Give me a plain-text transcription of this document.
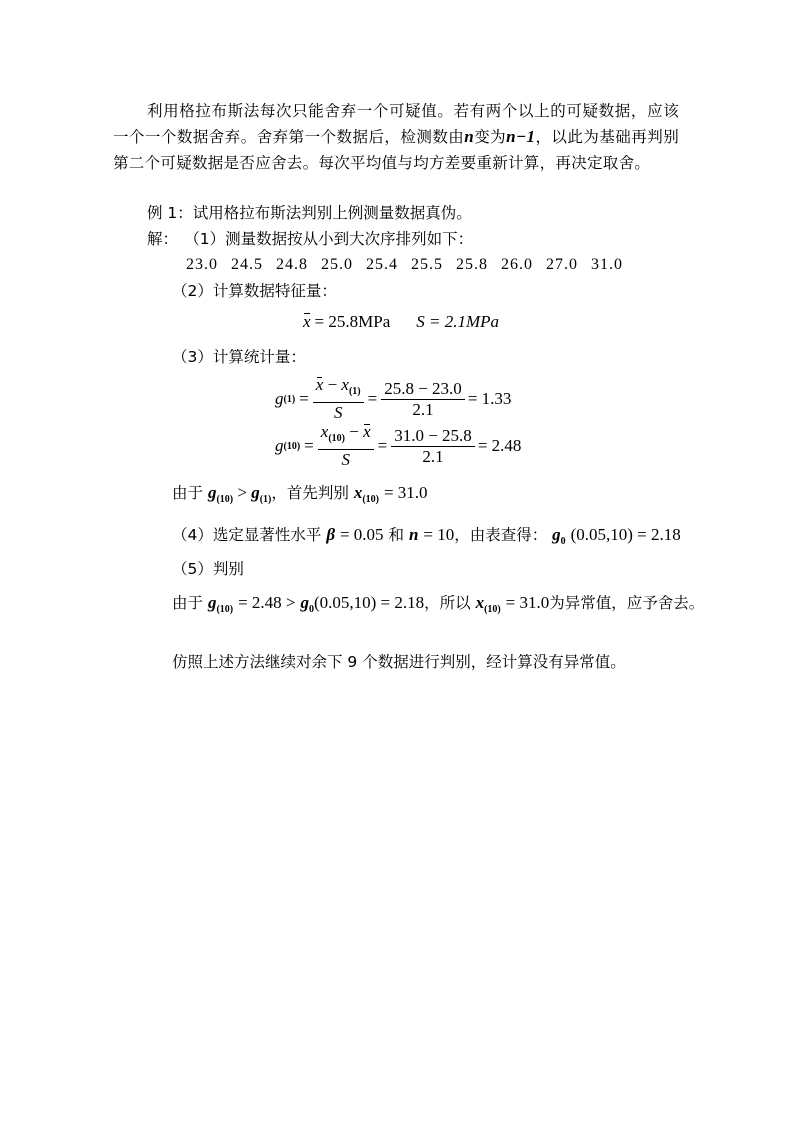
利用格拉布斯法每次只能舍弃一个可疑值。若有两个以上的可疑数据，应该一个一个数据舍弃。舍弃第一个数据后，检测数由n变为n−1，以此为基础再判别第二个可疑数据是否应舍去。每次平均值与均方差要重新计算，再决定取舍。
例 1：试用格拉布斯法判别上例测量数据真伪。
解： （1）测量数据按从小到大次序排列如下：
23.0 24.5 24.8 25.0 25.4 25.5 25.8 26.0 27.0 31.0
（2）计算数据特征量：
x = 25.8MPa S = 2.1MPa
（3）计算统计量：
g $(1) = \frac{x - x_{(1)}}{S} = \frac{25.8 - 23.0}{2.1} = 1.33$
g $(10) = \frac{x_{(10)} - x}{S} = \frac{31.0 - 25.8}{2.1} = 2.48$
由于 $g_{(10)} > g_{(1)}$，首先判别 $x_{(10)} = 31.0$
（4）选定显著性水平 β = 0.05 和 n = 10，由表查得： $g_0$ (0.05,10) = 2.18
（5）判别
由于 $g_{(10)} = 2.48 > g_0(0.05,10) = 2.18$，所以 $x_{(10)} = 31.0$为异常值，应予舍去。
仿照上述方法继续对余下 9 个数据进行判别，经计算没有异常值。
